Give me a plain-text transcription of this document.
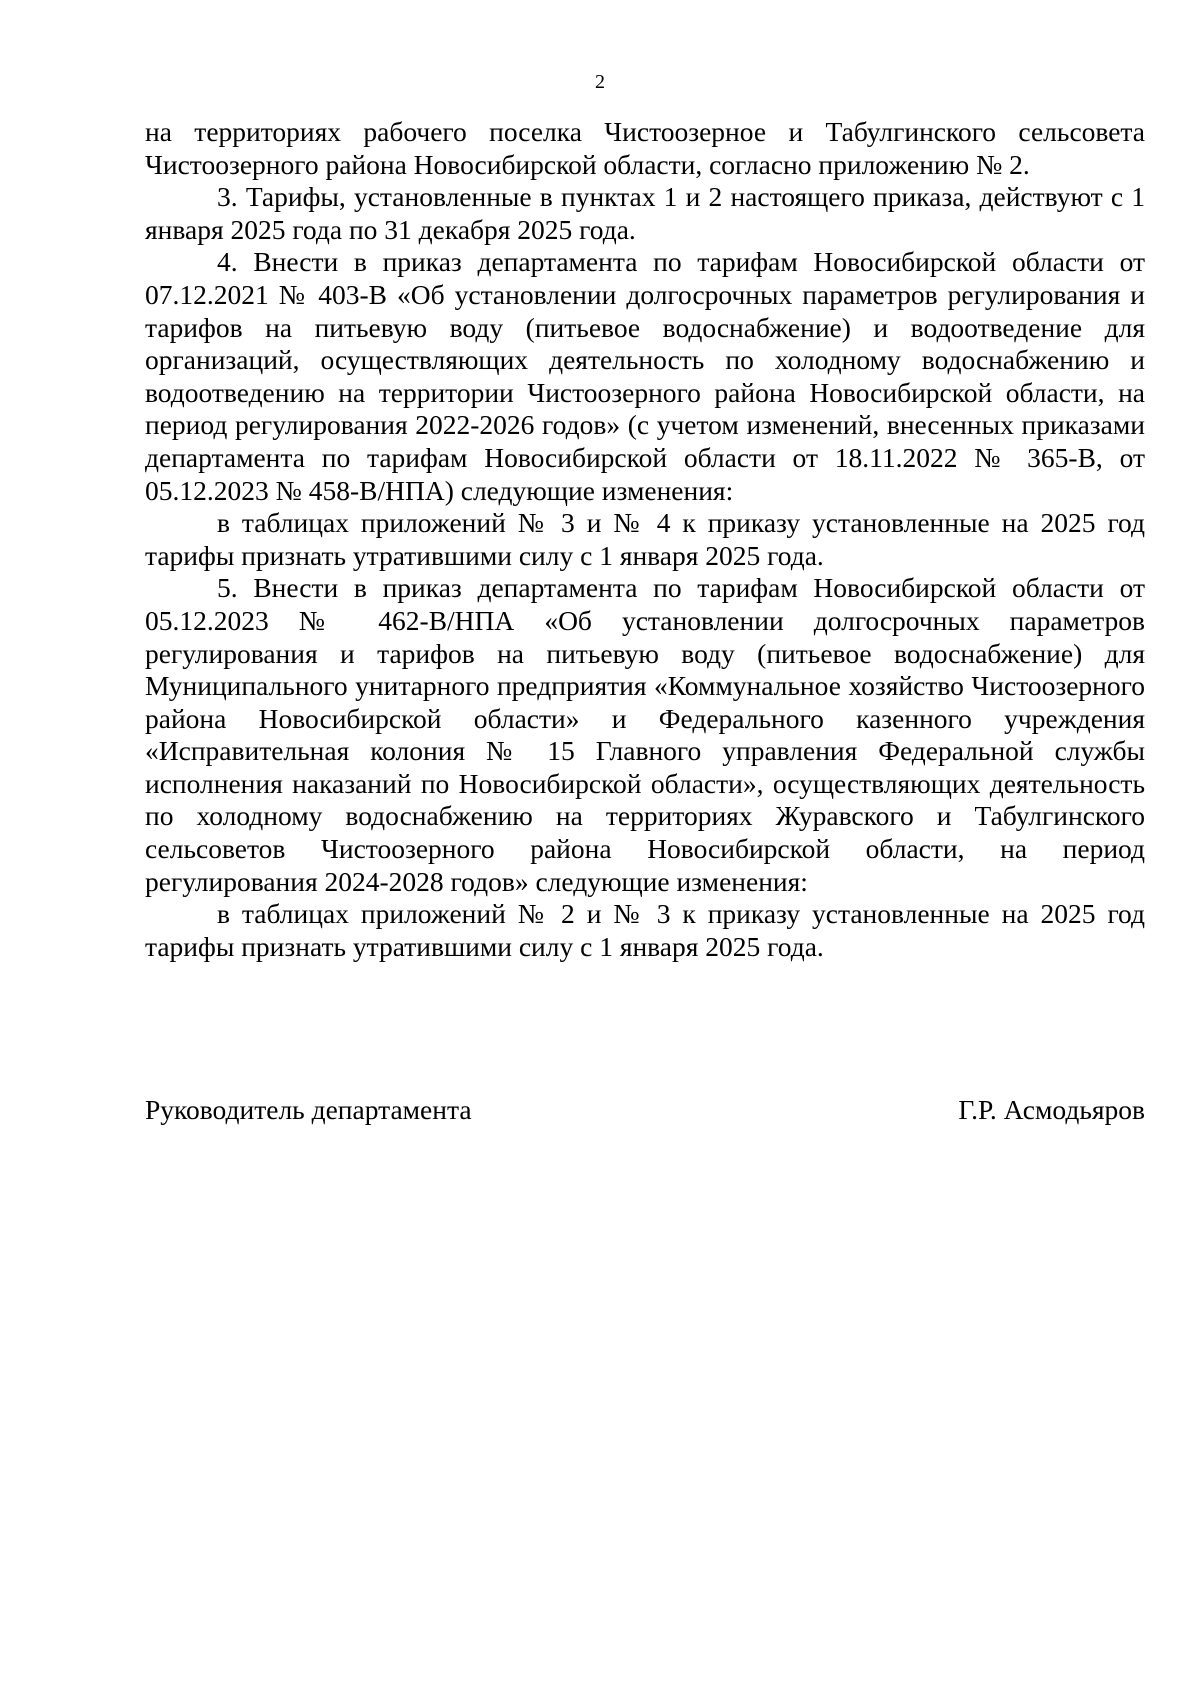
2

на территориях рабочего поселка Чистоозерное и Табулгинского сельсовета Чистоозерного района Новосибирской области, согласно приложению № 2.

3. Тарифы, установленные в пунктах 1 и 2 настоящего приказа, действуют с 1 января 2025 года по 31 декабря 2025 года.

4. Внести в приказ департамента по тарифам Новосибирской области от 07.12.2021 № 403-В «Об установлении долгосрочных параметров регулирования и тарифов на питьевую воду (питьевое водоснабжение) и водоотведение для организаций, осуществляющих деятельность по холодному водоснабжению и водоотведению на территории Чистоозерного района Новосибирской области, на период регулирования 2022-2026 годов» (с учетом изменений, внесенных приказами департамента по тарифам Новосибирской области от 18.11.2022 № 365-В, от 05.12.2023 № 458-В/НПА) следующие изменения:

в таблицах приложений № 3 и № 4 к приказу установленные на 2025 год тарифы признать утратившими силу с 1 января 2025 года.

5. Внести в приказ департамента по тарифам Новосибирской области от 05.12.2023 № 462-В/НПА «Об установлении долгосрочных параметров регулирования и тарифов на питьевую воду (питьевое водоснабжение) для Муниципального унитарного предприятия «Коммунальное хозяйство Чистоозерного района Новосибирской области» и Федерального казенного учреждения «Исправительная колония № 15 Главного управления Федеральной службы исполнения наказаний по Новосибирской области», осуществляющих деятельность по холодному водоснабжению на территориях Журавского и Табулгинского сельсоветов Чистоозерного района Новосибирской области, на период регулирования 2024-2028 годов» следующие изменения:

в таблицах приложений № 2 и № 3 к приказу установленные на 2025 год тарифы признать утратившими силу с 1 января 2025 года.

Руководитель департамента	Г.Р. Асмодьяров
